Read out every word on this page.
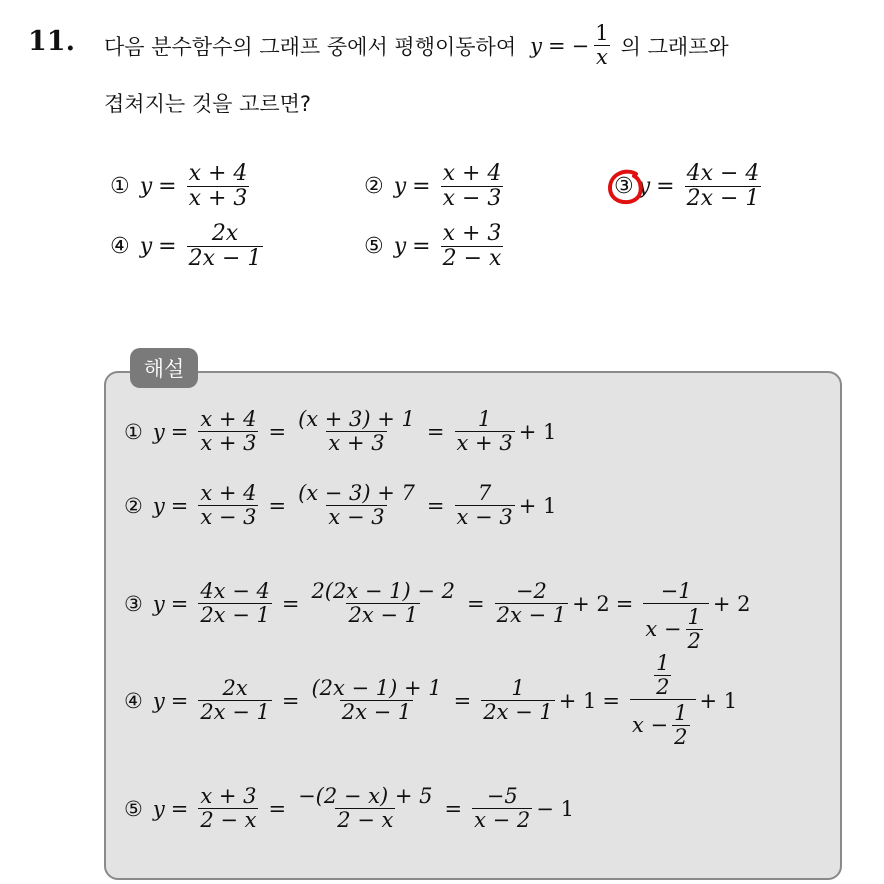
11. 다음 분수함수의 그래프 중에서 평행이동하여 y = − $\frac{1}{x}$ 의 그래프와
겹쳐지는 것을 고르면?
① $y = \frac{x + 4}{x + 3}$	② $y = \frac{x + 4}{x - 3}$	③ $y = \frac{4x - 4}{2x - 1}$
④ $y = \frac{2x}{2x - 1}$	⑤ $y = \frac{x + 3}{2 - x}$
해설
① $y = \frac{x + 4}{x + 3} = \frac{(x + 3) + 1}{x + 3} = \frac{1}{x + 3} + 1$
② $y = \frac{x + 4}{x - 3} = \frac{(x - 3) + 7}{x - 3} = \frac{7}{x - 3} + 1$
③ $y = \frac{4x - 4}{2x - 1} = \frac{2(2x - 1) - 2}{2x - 1} = \frac{-2}{2x - 1} + 2 = \frac{-1}{x - \frac{1}{2}} + 2$
④ $y = \frac{2x}{2x - 1} = \frac{(2x - 1) + 1}{2x - 1} = \frac{1}{2x - 1} + 1 = \frac{\frac{1}{2}}{x - \frac{1}{2}} + 1$
⑤ $y = \frac{x + 3}{2 - x} = \frac{-(2 - x) + 5}{2 - x} = \frac{-5}{x - 2} - 1$
